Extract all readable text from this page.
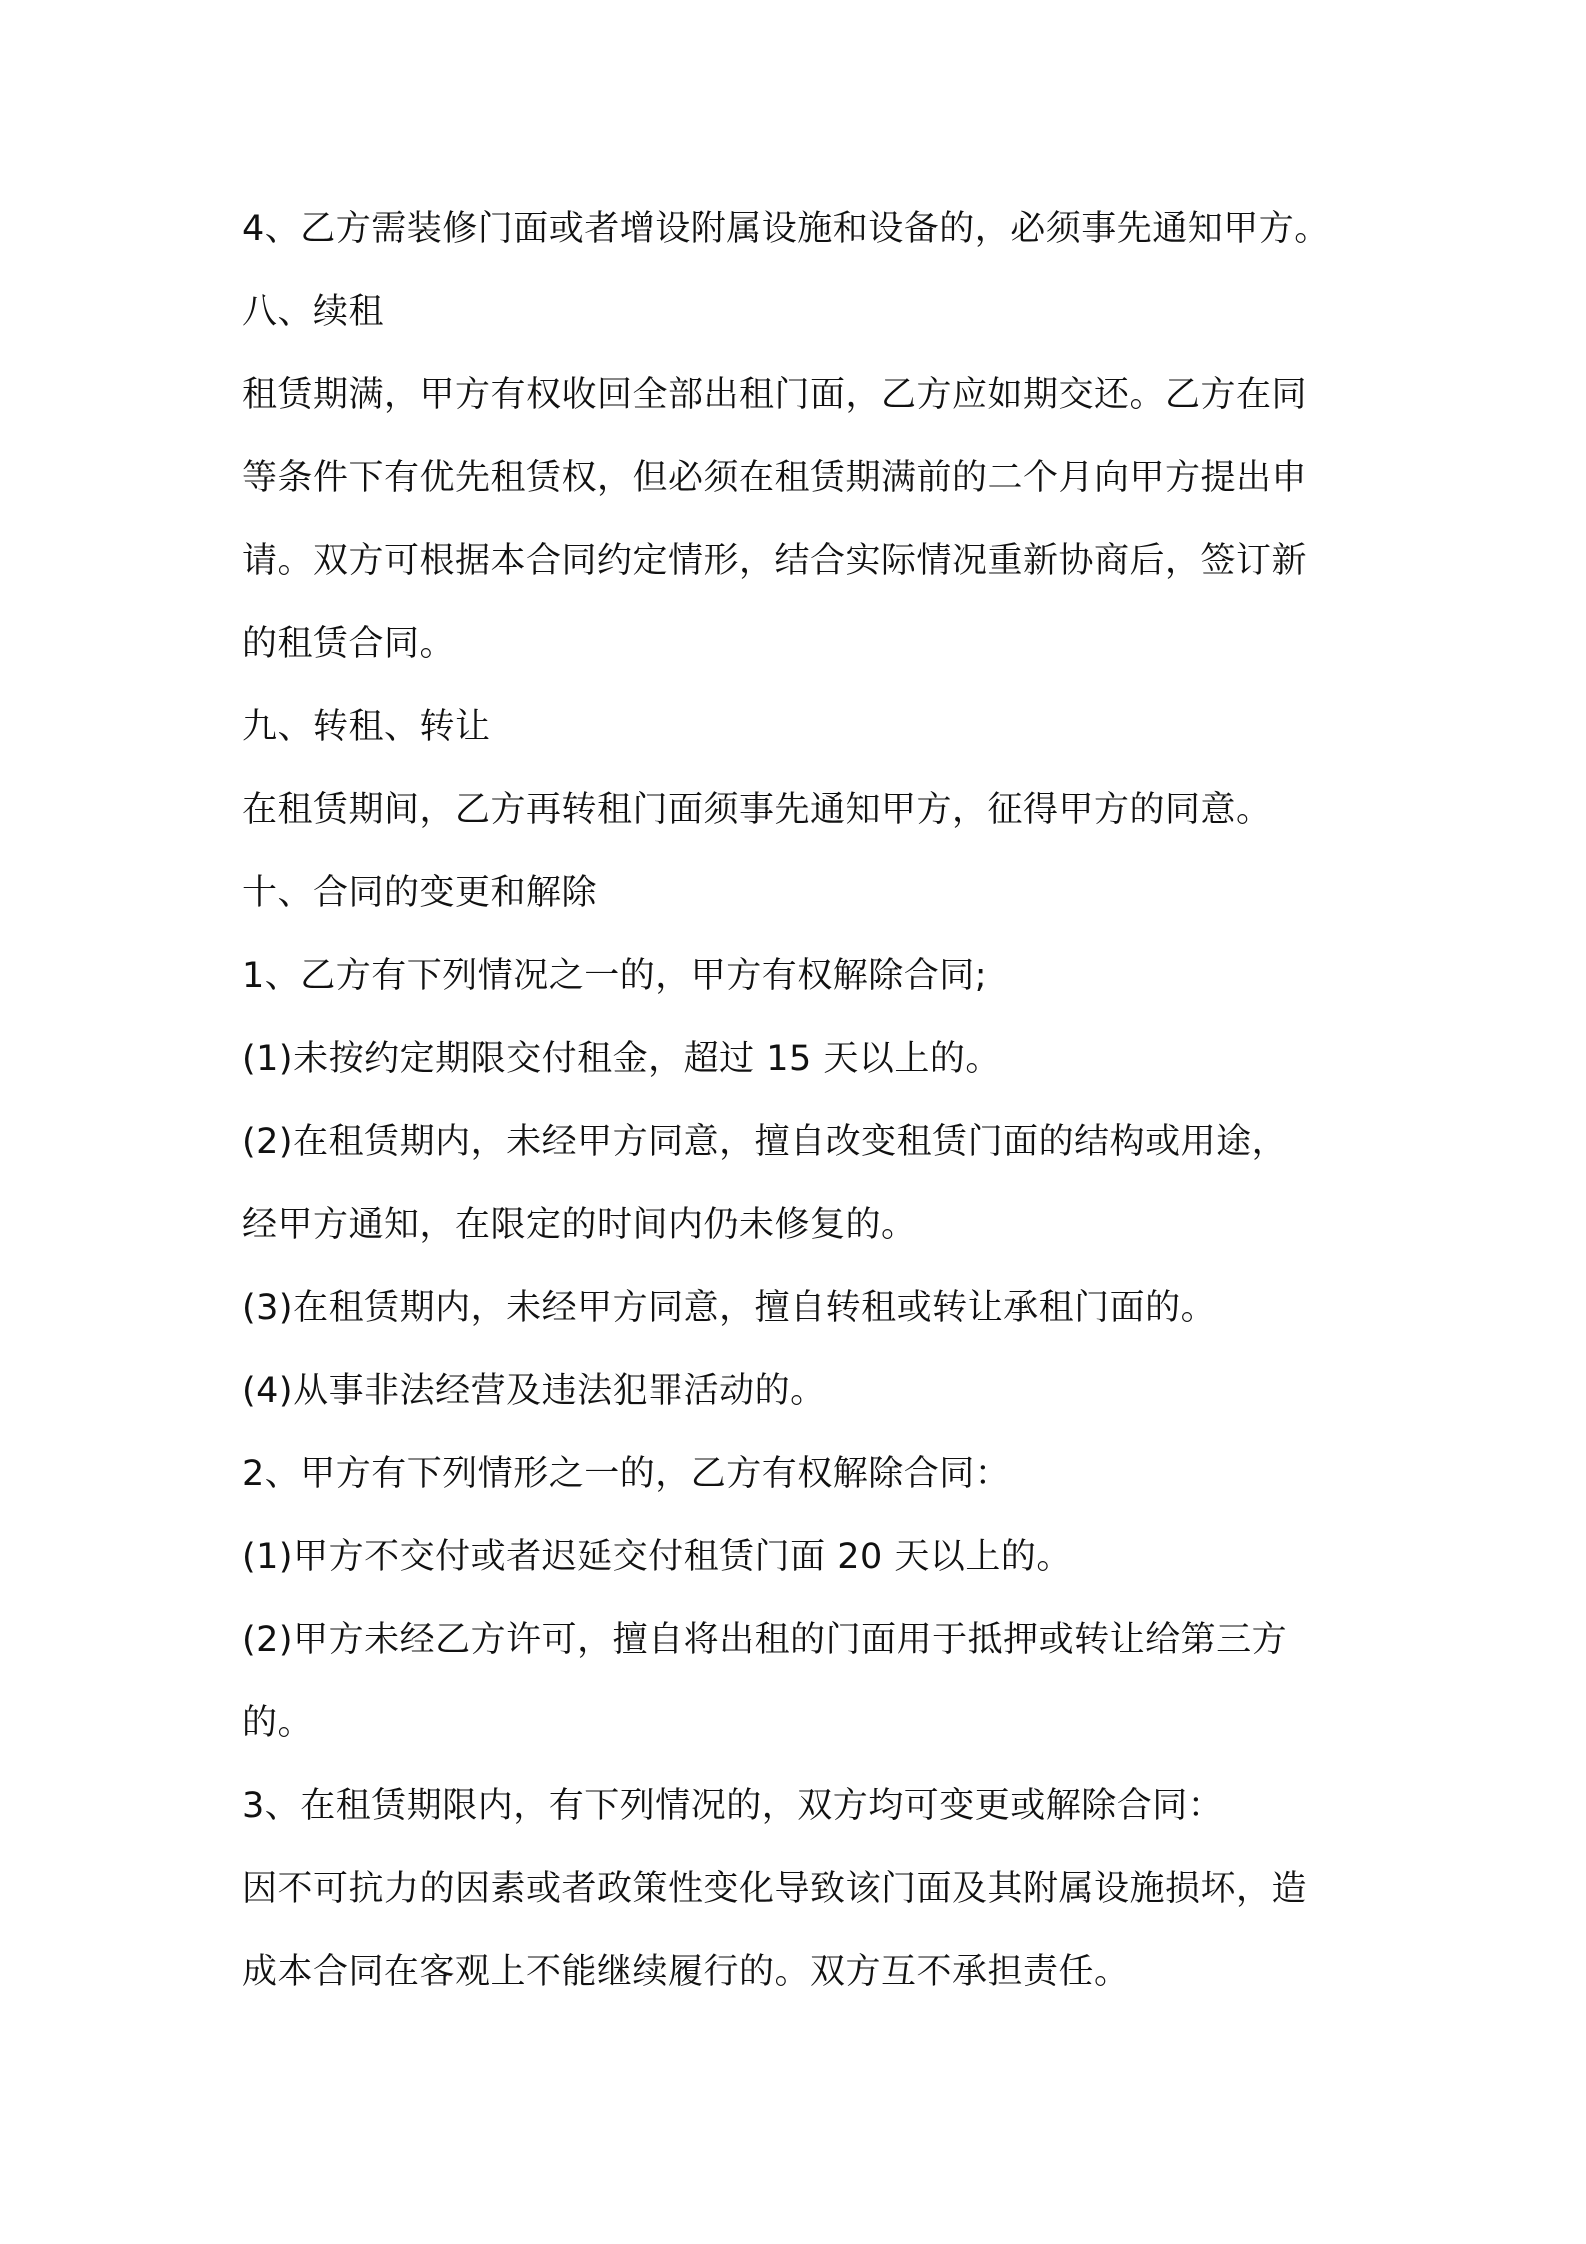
4、乙方需装修门面或者增设附属设施和设备的，必须事先通知甲方。
八、续租
租赁期满，甲方有权收回全部出租门面，乙方应如期交还。乙方在同
等条件下有优先租赁权，但必须在租赁期满前的二个月向甲方提出申
请。双方可根据本合同约定情形，结合实际情况重新协商后，签订新
的租赁合同。
九、转租、转让
在租赁期间，乙方再转租门面须事先通知甲方，征得甲方的同意。
十、合同的变更和解除
1、乙方有下列情况之一的，甲方有权解除合同;
(1)未按约定期限交付租金，超过 15 天以上的。
(2)在租赁期内，未经甲方同意，擅自改变租赁门面的结构或用途，
经甲方通知，在限定的时间内仍未修复的。
(3)在租赁期内，未经甲方同意，擅自转租或转让承租门面的。
(4)从事非法经营及违法犯罪活动的。
2、甲方有下列情形之一的，乙方有权解除合同：
(1)甲方不交付或者迟延交付租赁门面 20 天以上的。
(2)甲方未经乙方许可，擅自将出租的门面用于抵押或转让给第三方
的。
3、在租赁期限内，有下列情况的，双方均可变更或解除合同：
因不可抗力的因素或者政策性变化导致该门面及其附属设施损坏，造
成本合同在客观上不能继续履行的。双方互不承担责任。
